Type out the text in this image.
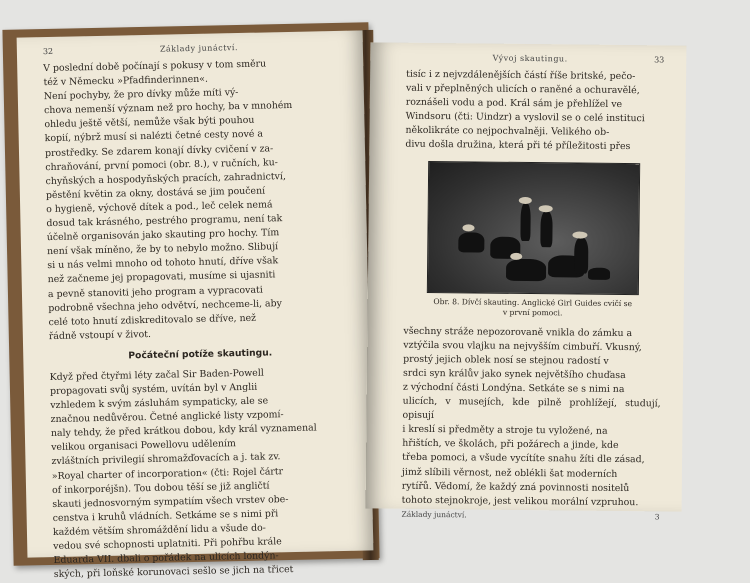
32	Základy junáctví.
V poslední době počínají s pokusy v tom směru
též v Německu »Pfadfinderinnen«.
Není pochyby, že pro dívky může míti vý-
chova nemenší význam než pro hochy, ba v mnohém
ohledu ještě větší, nemůže však býti pouhou
kopií, nýbrž musí si nalézti četné cesty nové a
prostředky. Se zdarem konají dívky cvičení v za-
chraňování, první pomoci (obr. 8.), v ručních, ku-
chyňských a hospodyňských pracích, zahradnictví,
pěstění květin za okny, dostává se jim poučení
o hygieně, výchově dítek a pod., leč celek nemá
dosud tak krásného, pestrého programu, není tak
účelně organisován jako skauting pro hochy. Tím
není však míněno, že by to nebylo možno. Slibují
si u nás velmi mnoho od tohoto hnutí, dříve však
než začneme jej propagovati, musíme si ujasniti
a pevně stanoviti jeho program a vypracovati
podrobně všechna jeho odvětví, nechceme-li, aby
celé toto hnutí zdiskreditovalo se dříve, než
řádně vstoupí v život.
Počáteční potíže skautingu.
Když před čtyřmi léty začal Sir Baden-Powell
propagovati svůj systém, uvítán byl v Anglii
vzhledem k svým zásluhám sympaticky, ale se
značnou nedůvěrou. Četné anglické listy vzpomí-
naly tehdy, že před krátkou dobou, kdy král vyznamenal
velikou organisaci Powellovu udělením
zvláštních privilegií shromažďovacích a j. tak zv.
»Royal charter of incorporation« (čti: Rojel čártr
of inkorporéjšn). Tou dobou těší se již angličtí
skauti jednosvorným sympatiím všech vrstev obe-
censtva i kruhů vládních. Setkáme se s nimi při
každém větším shromáždění lidu a všude do-
vedou své schopnosti uplatniti. Při pohřbu krále
Eduarda VII. dbali o pořádek na ulicích londýn-
ských, při loňské korunovaci sešlo se jich na třicet
Vývoj skautingu.	33
tisíc i z nejvzdálenějších částí říše britské, pečo-
vali v přeplněných ulicích o raněné a ochuravělé,
roznášeli vodu a pod. Král sám je přehlížel ve
Windsoru (čti: Uindzr) a vyslovil se o celé instituci
několikráte co nejpochvalněji. Velikého ob-
divu došla družina, která při té příležitosti přes
Obr. 8. Dívčí skauting. Anglické Girl Guides cvičí se
v první pomoci.
všechny stráže nepozorovaně vnikla do zámku a
vztýčila svou vlajku na nejvyšším cimbuří. Vkusný,
prostý jejich oblek nosí se stejnou radostí v
srdci syn králův jako synek největšího chuďasa
z východní části Londýna. Setkáte se s nimi na
ulicích, v musejích, kde pilně prohlížejí, studují, opisují
i kreslí si předměty a stroje tu vyložené, na
hřištích, ve školách, při požárech a jinde, kde
třeba pomoci, a všude vycítíte snahu žíti dle zásad,
jimž slíbili věrnost, než oblékli šat moderních
rytířů. Vědomí, že každý zná povinnosti nositelů
tohoto stejnokroje, jest velikou morální vzpruhou.
Základy junáctví.	3
